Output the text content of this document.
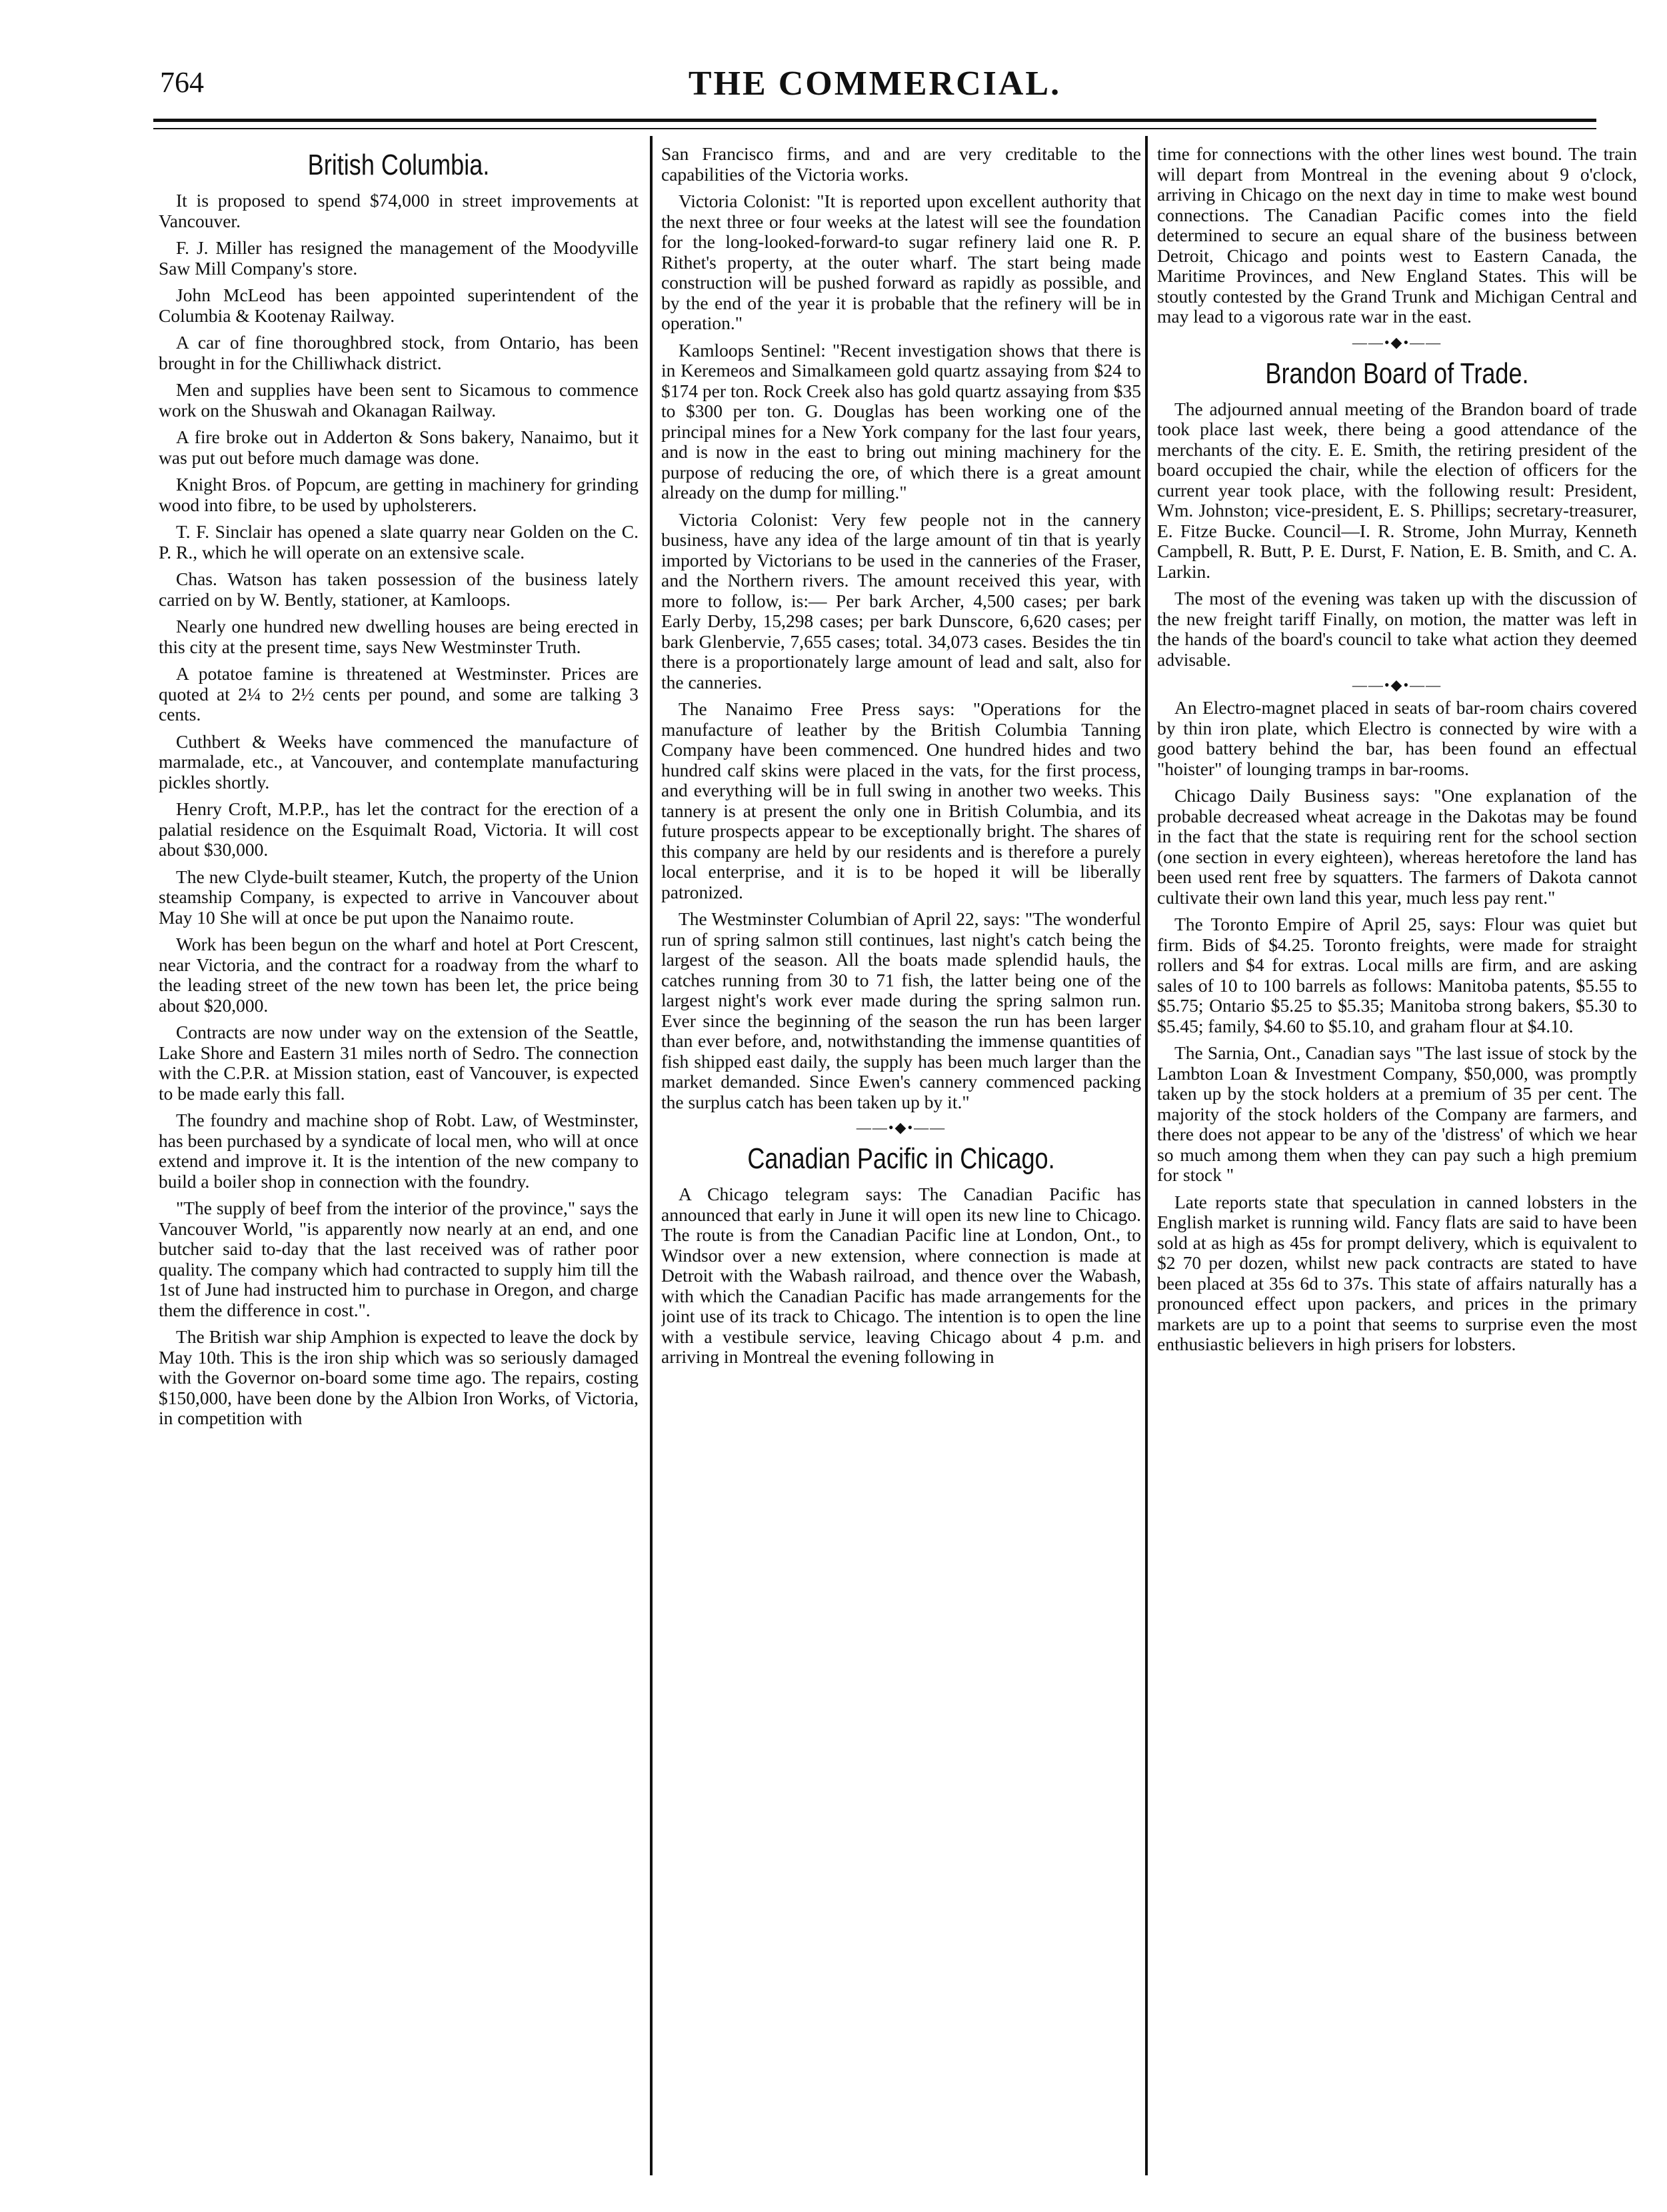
764	THE COMMERCIAL.
British Columbia.

It is proposed to spend $74,000 in street improvements at Vancouver.

F. J. Miller has resigned the management of the Moodyville Saw Mill Company's store.

John McLeod has been appointed superintendent of the Columbia & Kootenay Railway.

A car of fine thoroughbred stock, from Ontario, has been brought in for the Chilliwhack district.

Men and supplies have been sent to Sicamous to commence work on the Shuswah and Okanagan Railway.

A fire broke out in Adderton & Sons bakery, Nanaimo, but it was put out before much damage was done.

Knight Bros. of Popcum, are getting in machinery for grinding wood into fibre, to be used by upholsterers.

T. F. Sinclair has opened a slate quarry near Golden on the C. P. R., which he will operate on an extensive scale.

Chas. Watson has taken possession of the business lately carried on by W. Bently, stationer, at Kamloops.

Nearly one hundred new dwelling houses are being erected in this city at the present time, says New Westminster Truth.

A potatoe famine is threatened at Westminster. Prices are quoted at 2¼ to 2½ cents per pound, and some are talking 3 cents.

Cuthbert & Weeks have commenced the manufacture of marmalade, etc., at Vancouver, and contemplate manufacturing pickles shortly.

Henry Croft, M.P.P., has let the contract for the erection of a palatial residence on the Esquimalt Road, Victoria. It will cost about $30,000.

The new Clyde-built steamer, Kutch, the property of the Union steamship Company, is expected to arrive in Vancouver about May 10 She will at once be put upon the Nanaimo route.

Work has been begun on the wharf and hotel at Port Crescent, near Victoria, and the contract for a roadway from the wharf to the leading street of the new town has been let, the price being about $20,000.

Contracts are now under way on the extension of the Seattle, Lake Shore and Eastern 31 miles north of Sedro. The connection with the C.P.R. at Mission station, east of Vancouver, is expected to be made early this fall.

The foundry and machine shop of Robt. Law, of Westminster, has been purchased by a syndicate of local men, who will at once extend and improve it. It is the intention of the new company to build a boiler shop in connection with the foundry.

"The supply of beef from the interior of the province," says the Vancouver World, "is apparently now nearly at an end, and one butcher said to-day that the last received was of rather poor quality. The company which had contracted to supply him till the 1st of June had instructed him to purchase in Oregon, and charge them the difference in cost.".

The British war ship Amphion is expected to leave the dock by May 10th. This is the iron ship which was so seriously damaged with the Governor on-board some time ago. The repairs, costing $150,000, have been done by the Albion Iron Works, of Victoria, in competition with

San Francisco firms, and and are very creditable to the capabilities of the Victoria works.

Victoria Colonist: "It is reported upon excellent authority that the next three or four weeks at the latest will see the foundation for the long-looked-forward-to sugar refinery laid one R. P. Rithet's property, at the outer wharf. The start being made construction will be pushed forward as rapidly as possible, and by the end of the year it is probable that the refinery will be in operation."

Kamloops Sentinel: "Recent investigation shows that there is in Keremeos and Simalkameen gold quartz assaying from $24 to $174 per ton. Rock Creek also has gold quartz assaying from $35 to $300 per ton. G. Douglas has been working one of the principal mines for a New York company for the last four years, and is now in the east to bring out mining machinery for the purpose of reducing the ore, of which there is a great amount already on the dump for milling."

Victoria Colonist: Very few people not in the cannery business, have any idea of the large amount of tin that is yearly imported by Victorians to be used in the canneries of the Fraser, and the Northern rivers. The amount received this year, with more to follow, is:— Per bark Archer, 4,500 cases; per bark Early Derby, 15,298 cases; per bark Dunscore, 6,620 cases; per bark Glenbervie, 7,655 cases; total. 34,073 cases. Besides the tin there is a proportionately large amount of lead and salt, also for the canneries.

The Nanaimo Free Press says: "Operations for the manufacture of leather by the British Columbia Tanning Company have been commenced. One hundred hides and two hundred calf skins were placed in the vats, for the first process, and everything will be in full swing in another two weeks. This tannery is at present the only one in British Columbia, and its future prospects appear to be exceptionally bright. The shares of this company are held by our residents and is therefore a purely local enterprise, and it is to be hoped it will be liberally patronized.

The Westminster Columbian of April 22, says: "The wonderful run of spring salmon still continues, last night's catch being the largest of the season. All the boats made splendid hauls, the catches running from 30 to 71 fish, the latter being one of the largest night's work ever made during the spring salmon run. Ever since the beginning of the season the run has been larger than ever before, and, notwithstanding the immense quantities of fish shipped east daily, the supply has been much larger than the market demanded. Since Ewen's cannery commenced packing the surplus catch has been taken up by it."

——•◆•——
Canadian Pacific in Chicago.

A Chicago telegram says: The Canadian Pacific has announced that early in June it will open its new line to Chicago. The route is from the Canadian Pacific line at London, Ont., to Windsor over a new extension, where connection is made at Detroit with the Wabash railroad, and thence over the Wabash, with which the Canadian Pacific has made arrangements for the joint use of its track to Chicago. The intention is to open the line with a vestibule service, leaving Chicago about 4 p.m. and arriving in Montreal the evening following in

time for connections with the other lines west bound. The train will depart from Montreal in the evening about 9 o'clock, arriving in Chicago on the next day in time to make west bound connections. The Canadian Pacific comes into the field determined to secure an equal share of the business between Detroit, Chicago and points west to Eastern Canada, the Maritime Provinces, and New England States. This will be stoutly contested by the Grand Trunk and Michigan Central and may lead to a vigorous rate war in the east.

——•◆•——
Brandon Board of Trade.

The adjourned annual meeting of the Brandon board of trade took place last week, there being a good attendance of the merchants of the city. E. E. Smith, the retiring president of the board occupied the chair, while the election of officers for the current year took place, with the following result: President, Wm. Johnston; vice-president, E. S. Phillips; secretary-treasurer, E. Fitze Bucke. Council—I. R. Strome, John Murray, Kenneth Campbell, R. Butt, P. E. Durst, F. Nation, E. B. Smith, and C. A. Larkin.

The most of the evening was taken up with the discussion of the new freight tariff Finally, on motion, the matter was left in the hands of the board's council to take what action they deemed advisable.

——•◆•——

An Electro-magnet placed in seats of bar-room chairs covered by thin iron plate, which Electro is connected by wire with a good battery behind the bar, has been found an effectual "hoister" of lounging tramps in bar-rooms.

Chicago Daily Business says: "One explanation of the probable decreased wheat acreage in the Dakotas may be found in the fact that the state is requiring rent for the school section (one section in every eighteen), whereas heretofore the land has been used rent free by squatters. The farmers of Dakota cannot cultivate their own land this year, much less pay rent."

The Toronto Empire of April 25, says: Flour was quiet but firm. Bids of $4.25. Toronto freights, were made for straight rollers and $4 for extras. Local mills are firm, and are asking sales of 10 to 100 barrels as follows: Manitoba patents, $5.55 to $5.75; Ontario $5.25 to $5.35; Manitoba strong bakers, $5.30 to $5.45; family, $4.60 to $5.10, and graham flour at $4.10.

The Sarnia, Ont., Canadian says "The last issue of stock by the Lambton Loan & Investment Company, $50,000, was promptly taken up by the stock holders at a premium of 35 per cent. The majority of the stock holders of the Company are farmers, and there does not appear to be any of the 'distress' of which we hear so much among them when they can pay such a high premium for stock "

Late reports state that speculation in canned lobsters in the English market is running wild. Fancy flats are said to have been sold at as high as 45s for prompt delivery, which is equivalent to $2 70 per dozen, whilst new pack contracts are stated to have been placed at 35s 6d to 37s. This state of affairs naturally has a pronounced effect upon packers, and prices in the primary markets are up to a point that seems to surprise even the most enthusiastic believers in high prisers for lobsters.
